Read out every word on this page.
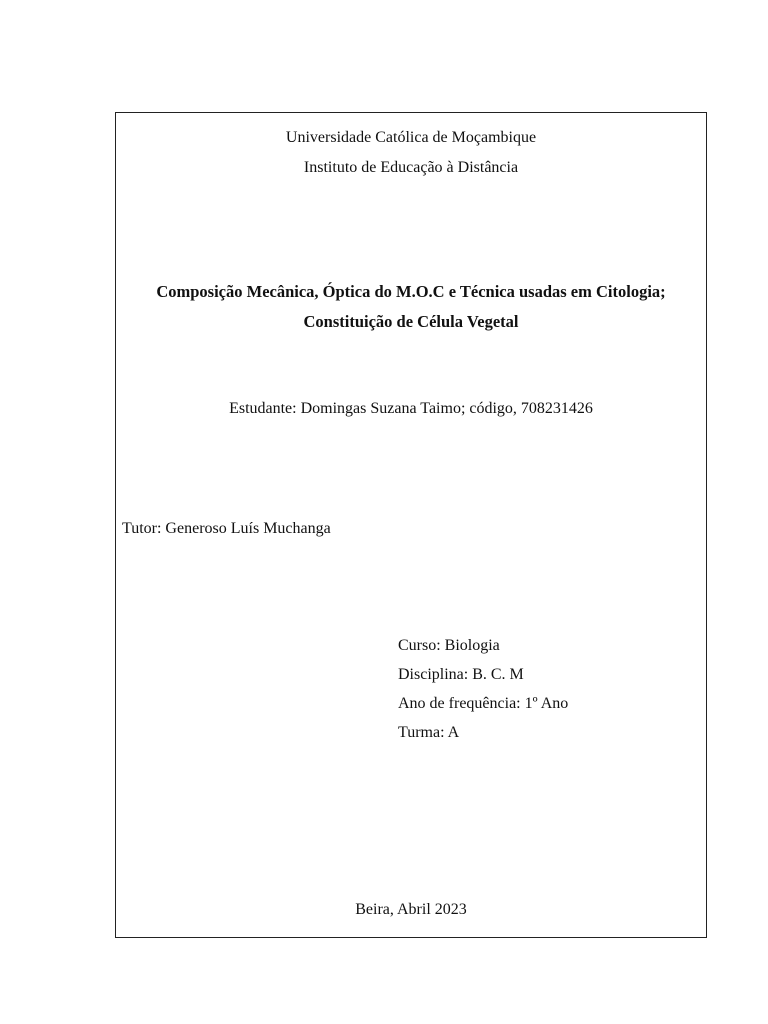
Universidade Católica de Moçambique
Instituto de Educação à Distância
Composição Mecânica, Óptica do M.O.C e Técnica usadas em Citologia;
Constituição de Célula Vegetal
Estudante: Domingas Suzana Taimo; código, 708231426
Tutor: Generoso Luís Muchanga
Curso: Biologia
Disciplina: B. C. M
Ano de frequência: 1º Ano
Turma: A
Beira, Abril 2023
